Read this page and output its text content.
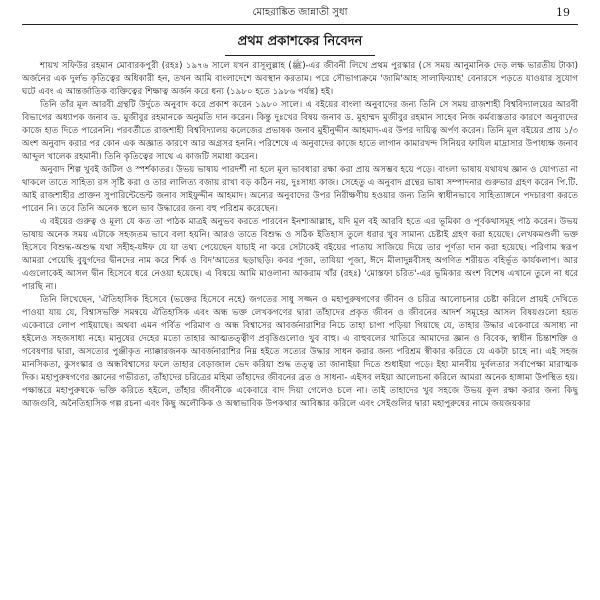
মোহরাঙ্কিত জান্নাতী সুধা	19
প্রথম প্রকাশকের নিবেদন

শায়খ সফিউর রহমান মোবারকপুরী (রহঃ) ১৯৭৬ সালে যখন রাসূলুল্লাহ (ﷺ)-এর জীবনী লিখে প্রথম পুরস্কার (সে সময় আনুমানিক দেড় লক্ষ ভারতীয় টাকা) অর্জনের এক দুর্লভ কৃতিত্বের অধিকারী হন, তখন আমি বাংলাদেশে অবস্থান করতাম। পরে সৌভাগ্যক্রমে 'জামি'আহ সালাফিয়্যাহ' বেনারসে পড়তে যাওয়ার সুযোগ ঘটে এবং এ আন্তর্জাতিক ব্যক্তিত্বের শিক্ষাত্ব অর্জন করে ধন্য (১৯৮০ হতে ১৯৮৬ পর্যন্ত) হই।

তিনি তাঁর মূল আরবী গ্রন্থটি উর্দুতে অনুবাদ করে প্রকাশ করেন ১৯৮০ সালে। এ বইয়ের বাংলা অনুবাদের জন্য তিনি সে সময় রাজশাহী বিশ্ববিদ্যালয়ের আরবী বিভাগের অধ্যাপক জনাব ড. মুজীবুর রহমানকে অনুমতি দান করেন। কিন্তু দুঃখের বিষয় জনাব ড. মুহাম্মদ মুজীবুর রহমান সাহেব নিজ কর্মব্যস্ততার কারণে অনুবাদের কাজে হাত দিতে পারেননি। পরবর্তীতে রাজশাহী বিশ্ববিদ্যালয় কলেজের প্রভাষক জনাব মুহীনুদ্দীন আহমাদ-এর উপর দায়িত্ব অর্পণ করেন। তিনি মূল বইয়ের প্রায় ১/৩ অংশ অনুবাদ করার পর কোন এক অজ্ঞাত কারণে আর অগ্রসর হননি। পরিশেষে এ অনুবাদের কাজে হাতে লাগান কামারখন্দ সিনিয়র ফাযিল মাদ্রাসার উপাধ্যক্ষ জনাব আব্দুল খালেক রহমানী। তিনি কৃতিত্বের সাথে এ কাজটি সমাধা করেন।

অনুবাদ শিল্প খুবই জটিল ও স্পর্শকাতর। উভয় ভাষায় পারদর্শী না হলে মূল ভাবধারা রক্ষা করা প্রায় অসম্ভব হয়ে পড়ে। বাংলা ভাষায় যথাযথ জ্ঞান ও যোগ্যতা না থাকলে তাতে সাহিত্য রস সৃষ্টি করা ও তার লালিত্য বজায় রাখা বড় কঠিন নয়, দুঃসাধ্য কাজ। সেহেতু এ অনুবাদ গ্রন্থের ভাষা সম্পাদনার গুরুভার গ্রহণ করেন পি.টি. আই রাজশাহীর প্রাক্তন সুপারিন্টেন্ডেন্ট জনাব সাইফুদ্দীন আহমাদ। অন্যের অনুবাদের উপর নিরীক্ষণীয় হওয়ার জন্য তিনি স্বাধীনভাবে সাহিত্যাঙ্গনে পদচারণা করতে পারেন নি। তবে তিনি অনেক স্থলে ভাব উদ্ধারের জন্য বহু পরিশ্রম করেছেন।

এ বইয়ের গুরুত্ব ও মূল্য যে কত তা পাঠক মাত্রই অনুভব করতে পারবেন ইনশাআল্লাহ, যদি মূল বই আরবি হতে এর ভূমিকা ও পূর্বকথাসমূহ পাঠ করেন। উভয় ভাষায় অনেক সময় এটাকে সহজতম ভাবে বলা হয়নি। আরও তাতে বিশুদ্ধ ও সঠিক ইতিহাস তুলে ধরার খুব সামান্য চেষ্টাই গ্রহণ করা হয়েছে। লেখকমণ্ডলী ভক্ত হিসেবে বিশুদ্ধ-অশুদ্ধ যথা সহীহ-যঈফ যে যা তথ্য পেয়েছেন যাচাই না করে সেটাকেই বইয়ের পাতায় সাজিয়ে দিয়ে তার পূর্ণতা দান করা হয়েছে। পরিণাম স্বরূপ আমরা পেয়েছি বুযুর্গদের দ্বীনদের নাম করে শির্ক ও বিদ'আতের ছড়াছড়ি। কবর পূজা, তাযিয়া পূজা, ঈদে মীলাদুন্নবীসহ অগণিত শরীয়ত বহির্ভূত কার্যকলাপ। আর এগুলোকেই আসল দ্বীন হিসেবে ধরে নেওয়া হয়েছে। এ বিষয়ে আমি মাওলানা আকরাম খাঁর (রহঃ) 'মোস্তফা চরিত'-এর ভূমিকার অংশ বিশেষ এখানে তুলে না ধরে পারছি না।

তিনি লিখেছেন, 'ঐতিহাসিক হিসেবে (ভক্তের হিসেবে নহে) জগতের সাধু সজ্জন ও মহাপুরুষগণের জীবন ও চরিত্র আলোচনার চেষ্টা করিলে প্রায়ই দেখিতে পাওয়া যায় যে, বিশ্বাসভক্তি সমন্বয়ে ঐতিহাসিক এবং অন্ধ ভক্ত লেখকগণের দ্বারা তাঁহাদের প্রকৃত জীবন ও জীবনের আদর্শ সমূহের আসল বিষয়গুলো হয়ত একেবারে লোপ পাইয়াছে। অথবা এমন গর্বিত পরিমাণ ও অন্ধ বিশ্বাসের আবর্জনারাশির নিচে তাহা চাপা পড়িয়া গিয়াছে যে, তাহার উদ্ধার একেবারে অসাধ্য না হইলেও সহজসাধ্য নহে। মানুষের দেহের মতো তাহার আত্মতত্ত্বীণ প্রবৃত্তিগুলোও খুব বাহু। এ বাহুবলের খাতিরে আমাদের জ্ঞান ও বিবেক, স্বাধীন চিন্তাশক্তি ও গবেষণার দ্বারা, অসত্যের পুঞ্জীকৃত ন্যাক্কারজনক আবর্জনারাশির নিম্ন হইতে সত্যের উদ্ধার সাধন করার জন্য পরিশ্রম স্বীকার করিতে যে একটা চাহে না। এই সহজ মানসিকতা, কুসংস্কার ও অন্ধবিশ্বাসের ফলে তাহার বেড়াজাল ভেদ করিয়া শুদ্ধ তত্ত্ব তা জানাইয়া দিতে শুধাইয়া পড়ে। ইহা মানবীয় দুর্বলতার সর্বাপেক্ষা মারাত্মক দিক। মহাপুরুষগণের জ্ঞানের গভীরতা, তাঁহাদের চরিত্রের মহিমা তাঁহাদের জীবনের ব্রত ও সাধনা- এইসব লইয়া আলোচনা করিলে আমরা অনেক হাঙ্গামা উপস্থিত হয়। পক্ষান্তরে মহাপুরুষকে ভক্তি করিতে হইলে, তাঁহার জীবনীকে একেবারে বাদ দিয়া গেলেও চলে না। তাই তাহাদের খুব সহজে উভয় কূল রক্ষা করার জন্য কিছু আজগুবি, অনৈতিহাসিক গল্প রচনা এবং কিছু অলৌকিক ও অস্বাভাবিক উপকথার আবিষ্কার করিলে এবং সেইগুলির দ্বারা মহাপুরুষের নামে জয়জয়কার
